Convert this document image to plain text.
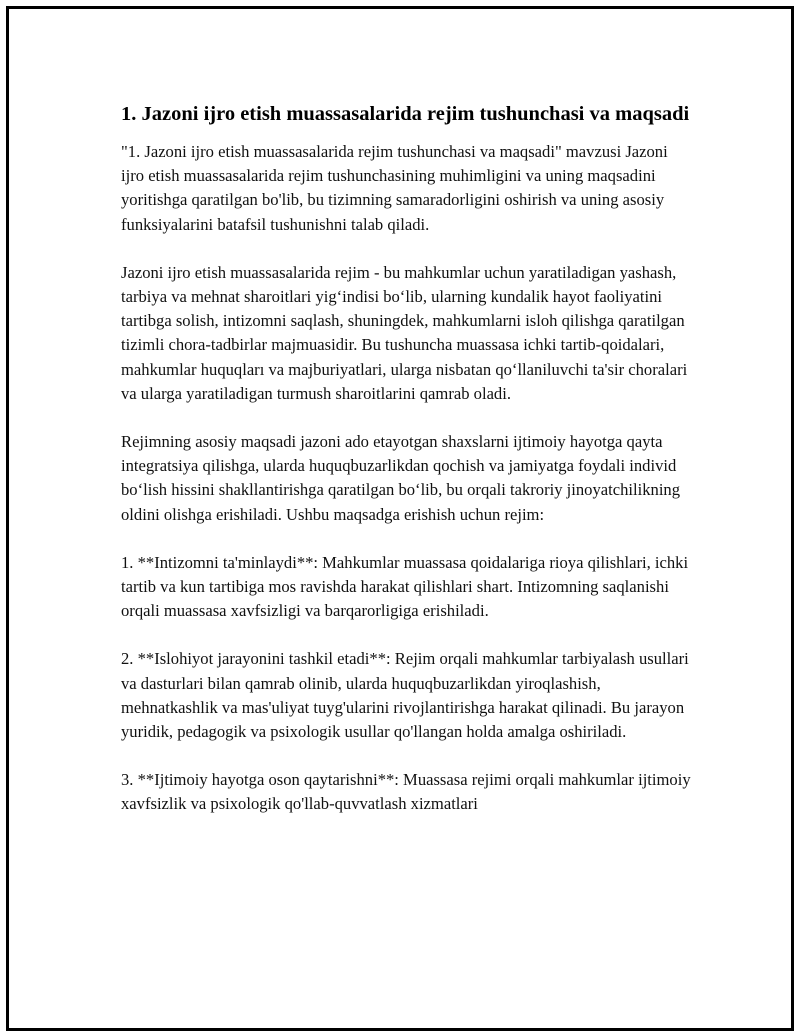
1. Jazoni ijro etish muassasalarida rejim tushunchasi va maqsadi

"1. Jazoni ijro etish muassasalarida rejim tushunchasi va maqsadi" mavzusi Jazoni ijro etish muassasalarida rejim tushunchasining muhimligini va uning maqsadini yoritishga qaratilgan bo'lib, bu tizimning samaradorligini oshirish va uning asosiy funksiyalarini batafsil tushunishni talab qiladi.

Jazoni ijro etish muassasalarida rejim - bu mahkumlar uchun yaratiladigan yashash, tarbiya va mehnat sharoitlari yig‘indisi bo‘lib, ularning kundalik hayot faoliyatini tartibga solish, intizomni saqlash, shuningdek, mahkumlarni isloh qilishga qaratilgan tizimli chora-tadbirlar majmuasidir. Bu tushuncha muassasa ichki tartib-qoidalari, mahkumlar huquqları va majburiyatlari, ularga nisbatan qo‘llaniluvchi ta'sir choralari va ularga yaratiladigan turmush sharoitlarini qamrab oladi.

Rejimning asosiy maqsadi jazoni ado etayotgan shaxslarni ijtimoiy hayotga qayta integratsiya qilishga, ularda huquqbuzarlikdan qochish va jamiyatga foydali individ bo‘lish hissini shakllantirishga qaratilgan bo‘lib, bu orqali takroriy jinoyatchilikning oldini olishga erishiladi. Ushbu maqsadga erishish uchun rejim:

1. **Intizomni ta'minlaydi**: Mahkumlar muassasa qoidalariga rioya qilishlari, ichki tartib va kun tartibiga mos ravishda harakat qilishlari shart. Intizomning saqlanishi orqali muassasa xavfsizligi va barqarorligiga erishiladi.

2. **Islohiyot jarayonini tashkil etadi**: Rejim orqali mahkumlar tarbiyalash usullari va dasturlari bilan qamrab olinib, ularda huquqbuzarlikdan yiroqlashish, mehnatkashlik va mas'uliyat tuyg'ularini rivojlantirishga harakat qilinadi. Bu jarayon yuridik, pedagogik va psixologik usullar qo'llangan holda amalga oshiriladi.

3. **Ijtimoiy hayotga oson qaytarishni**: Muassasa rejimi orqali mahkumlar ijtimoiy xavfsizlik va psixologik qo'llab-quvvatlash xizmatlari
